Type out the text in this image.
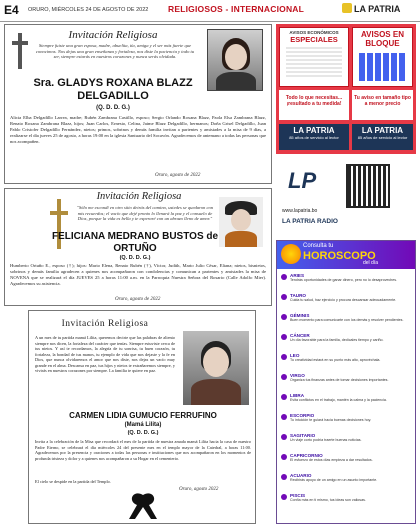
E4 ORURO, MIÉRCOLES 24 DE AGOSTO DE 2022 RELIGIOSOS - INTERNACIONAL	LA PATRIA
Invitación Religiosa
Siempre fuiste una gran esposa, madre, abuelita, tía, amiga y el ser más fuerte que conocimos. Nos dejas una gran enseñanza y fortaleza, nos diste la paciencia y todo tu ser, siempre estarás en nuestros corazones y nunca serás olvidada.
Sra. GLADYS ROXANA BLAZZ DELGADILLO
(Q. D. D. G.)
Alicia Elba Delgadillo Larrea, madre; Rubén Zambrana Castillo, esposo; Sergio Orlando Roxana Blazz, Paola Elsa Zambrana Blazz, Renato Roxana Zambrana Blazz, hijos; Juan Carlos, Ernesto, Celina, Jaime Blazz Delgadillo, hermanos; Doña Grisel Delgadillo, Juan Pablo Cristofer Delgadillo Fernández, nietos; primos, sobrinos y demás familia invitan a parientes y amistades a la misa de 9 días, a realizarse el día jueves 25 de agosto, a horas 19:00 en la iglesia Santuario del Socavón. Agradecemos de antemano a todas las personas que nos acompañen.
Oruro, agosto de 2022
Invitación Religiosa
"Sólo me escondí en otro sitio detrás del camino, ustedes se quedaron con mis recuerdos; el vacío que dejé pronto lo llenará la paz y el consuelo de Dios, porque la vida es bella y te esperaré con un abrazo lleno de amor."
FELICIANA MEDRANO BUSTOS de ORTUÑO
(Q. D. D. G.)
Humberto Ortuño E., esposo (†); hijos: Mario Elena, Renato Rubén (†), Víctor, Judith, Mario Julio César, Eliana; nietos, bisnietos, sobrinos y demás familia agradecen a quienes nos acompañaron con condolencias y comunican a parientes y amistades la misa de NOVENA que se realizará el día JUEVES 25 a horas 11:00 a.m. en la Parroquia Nuestra Señora del Rosario (Calle Adolfo Mier). Agradecemos su asistencia.
Oruro, agosto de 2022
Invitación Religiosa
A un mes de tu partida mamá Lilita, queremos decirte que las palabras de aliento siempre nos dicen, la fortaleza del carácter que tenías. Siempre estuviste cerca de tus nietos. Y así te recordamos, la alegría de tu sonrisa, tu buen corazón, tu fortaleza, la bondad de tus manos, tu ejemplo de vida que nos dejaste y la fe en Dios, que nunca olvidaremos el amor que nos diste, nos dejas un vacío muy grande en el alma. Descansa en paz, tus hijos y nietos te extrañaremos siempre, y vivirás en nuestros corazones por siempre. La familia te quiere en paz.
CARMEN LIDIA GUMUCIO FERRUFINO
(Mamá Lilita)
(Q. D. D. G.)
Invita a la celebración de la Misa que recordará el mes de la partida de nuestra amada mamá Lilita hacia la casa de nuestro Padre Eterno, se celebrará el día miércoles 24 del presente mes en el templo mayor de la Catedral, a horas 11:00. Agradecemos por la presencia y oraciones a todas las personas e instituciones que nos acompañaron en los momentos de profunda tristeza y dolor y a quienes nos acompañaron a su Hogar en el cementerio.
El cielo se despide en la partida del Templo.
Oruro, agosto 2022
AVISOS ECONÓMICOS
ESPECIALES
AVISOS EN BLOQUE
Todo lo que necesitas... ¡resultado a tu medida!
Tu aviso en tamaño tipo a menor precio
LA PATRIA
85 años de servicio al lector
LA PATRIA
85 años de servicio al lector
LP
www.lapatria.bo
LA PATRIA RADIO
Consulta tu
HOROSCOPO
del día
ARIES
Tendrás oportunidades de ganar dinero, pero no lo desaproveches.
TAURO
Cuida tu salud, haz ejercicio y procura descansar adecuadamente.
GÉMINIS
Buen momento para comunicarte con los demás y resolver pendientes.
CÁNCER
Un día favorable para la familia, dedícales tiempo y cariño.
LEO
Tu creatividad estará en su punto más alto, aprovéchala.
VIRGO
Organiza tus finanzas antes de tomar decisiones importantes.
LIBRA
Evita conflictos en el trabajo, mantén la calma y la paciencia.
ESCORPIO
Tu intuición te guiará hacia buenas decisiones hoy.
SAGITARIO
Un viaje corto podría traerte buenas noticias.
CAPRICORNIO
El esfuerzo de estos días empieza a dar resultados.
ACUARIO
Recibirás apoyo de un amigo en un asunto importante.
PISCIS
Confía más en ti mismo, tus ideas son valiosas.
